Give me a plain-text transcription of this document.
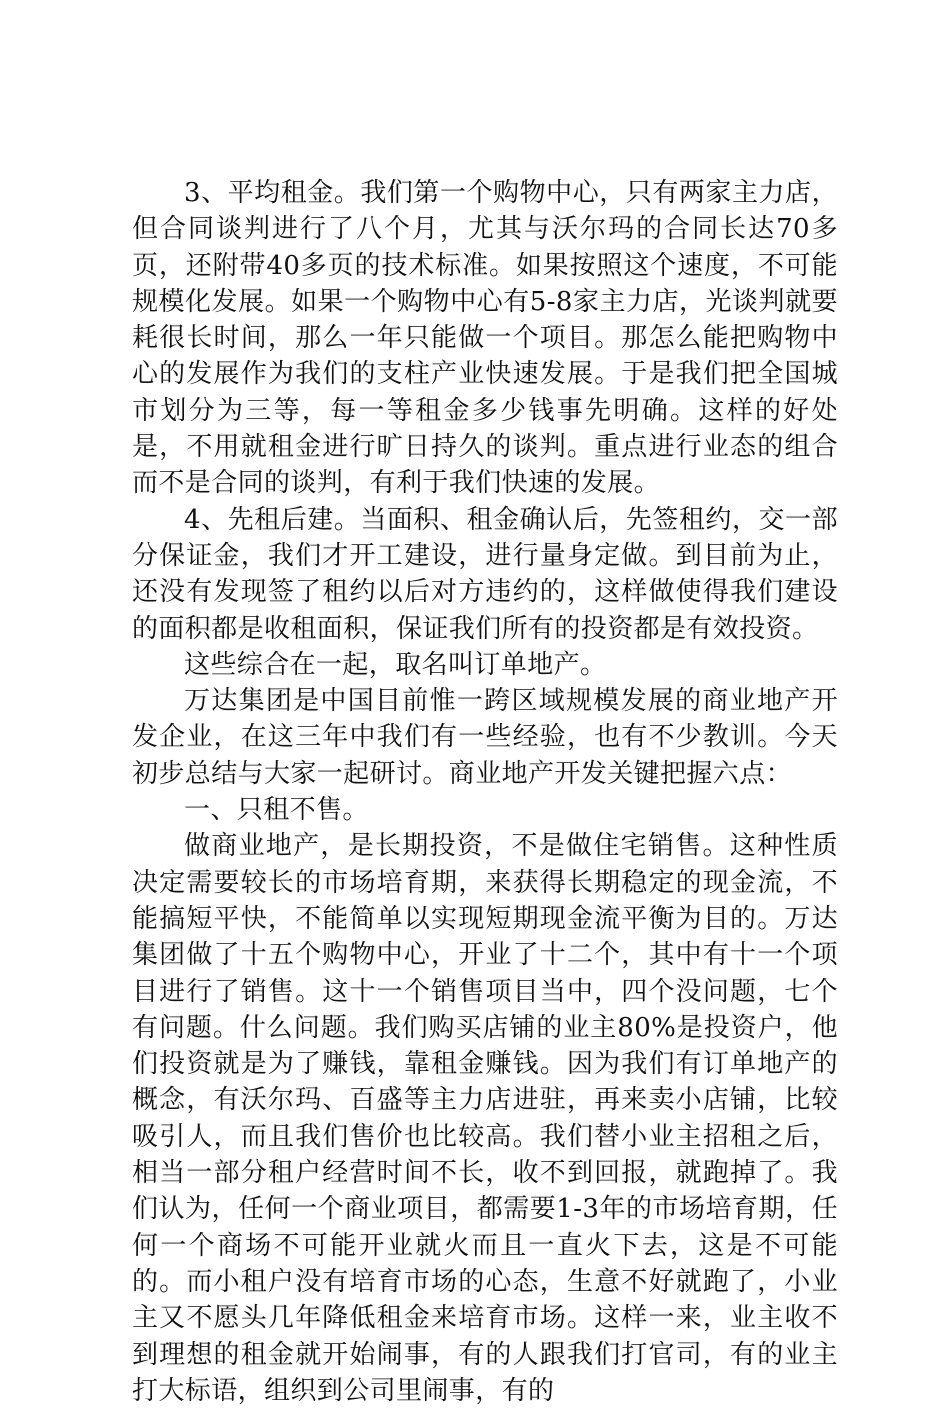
3、平均租金。我们第一个购物中心，只有两家主力店，但合同谈判进行了八个月，尤其与沃尔玛的合同长达70多页，还附带40多页的技术标准。如果按照这个速度，不可能规模化发展。如果一个购物中心有5-8家主力店，光谈判就要耗很长时间，那么一年只能做一个项目。那怎么能把购物中心的发展作为我们的支柱产业快速发展。于是我们把全国城市划分为三等，每一等租金多少钱事先明确。这样的好处是，不用就租金进行旷日持久的谈判。重点进行业态的组合而不是合同的谈判，有利于我们快速的发展。

4、先租后建。当面积、租金确认后，先签租约，交一部分保证金，我们才开工建设，进行量身定做。到目前为止，还没有发现签了租约以后对方违约的，这样做使得我们建设的面积都是收租面积，保证我们所有的投资都是有效投资。

这些综合在一起，取名叫订单地产。

万达集团是中国目前惟一跨区域规模发展的商业地产开发企业，在这三年中我们有一些经验，也有不少教训。今天初步总结与大家一起研讨。商业地产开发关键把握六点：

一、只租不售。

做商业地产，是长期投资，不是做住宅销售。这种性质决定需要较长的市场培育期，来获得长期稳定的现金流，不能搞短平快，不能简单以实现短期现金流平衡为目的。万达集团做了十五个购物中心，开业了十二个，其中有十一个项目进行了销售。这十一个销售项目当中，四个没问题，七个有问题。什么问题。我们购买店铺的业主80%是投资户，他们投资就是为了赚钱，靠租金赚钱。因为我们有订单地产的概念，有沃尔玛、百盛等主力店进驻，再来卖小店铺，比较吸引人，而且我们售价也比较高。我们替小业主招租之后，相当一部分租户经营时间不长，收不到回报，就跑掉了。我们认为，任何一个商业项目，都需要1-3年的市场培育期，任何一个商场不可能开业就火而且一直火下去，这是不可能的。而小租户没有培育市场的心态，生意不好就跑了，小业主又不愿头几年降低租金来培育市场。这样一来，业主收不到理想的租金就开始闹事，有的人跟我们打官司，有的业主打大标语，组织到公司里闹事，有的
